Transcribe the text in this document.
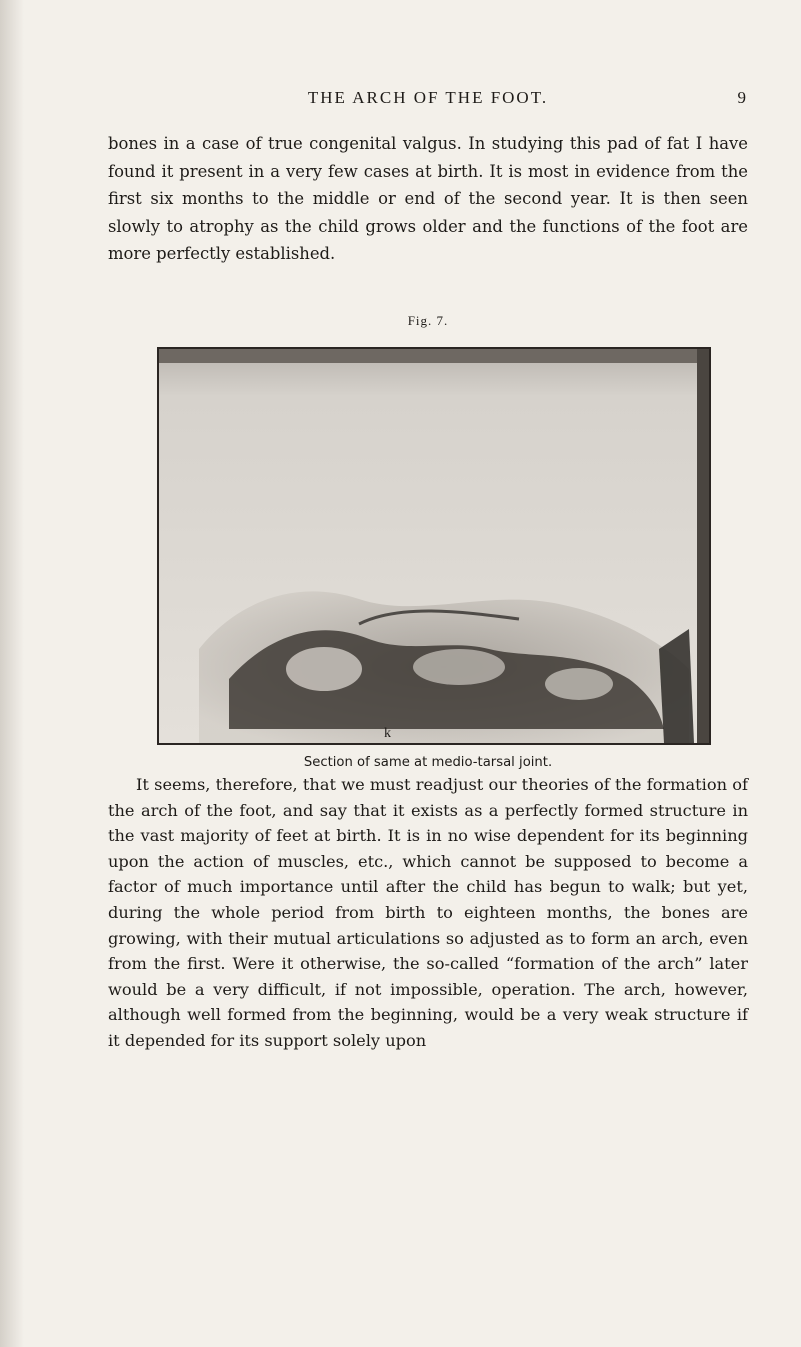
THE ARCH OF THE FOOT.	9

bones in a case of true congenital valgus. In studying this pad of fat I have found it present in a very few cases at birth. It is most in evidence from the first six months to the middle or end of the second year. It is then seen slowly to atrophy as the child grows older and the functions of the foot are more perfectly established.

Fig. 7.
k
Section of same at medio-tarsal joint.

It seems, therefore, that we must readjust our theories of the formation of the arch of the foot, and say that it exists as a perfectly formed structure in the vast majority of feet at birth. It is in no wise dependent for its beginning upon the action of muscles, etc., which cannot be supposed to become a factor of much importance until after the child has begun to walk; but yet, during the whole period from birth to eighteen months, the bones are growing, with their mutual articulations so adjusted as to form an arch, even from the first. Were it otherwise, the so-called “formation of the arch” later would be a very difficult, if not impossible, operation. The arch, however, although well formed from the beginning, would be a very weak structure if it depended for its support solely upon
